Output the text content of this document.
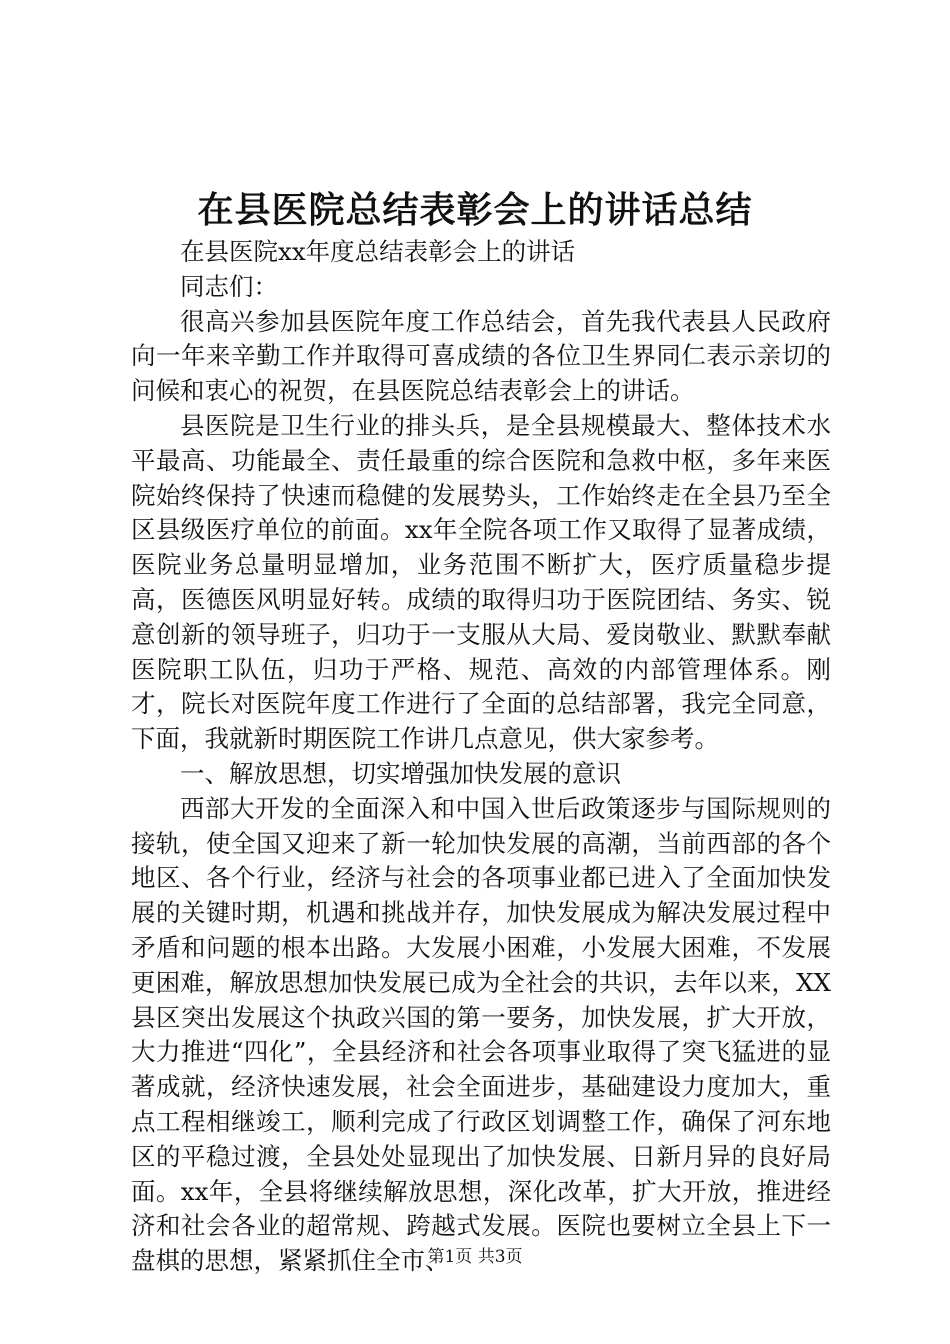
在县医院总结表彰会上的讲话总结

在县医院xx年度总结表彰会上的讲话

同志们：

很高兴参加县医院年度工作总结会，首先我代表县人民政府向一年来辛勤工作并取得可喜成绩的各位卫生界同仁表示亲切的问候和衷心的祝贺，在县医院总结表彰会上的讲话。

县医院是卫生行业的排头兵，是全县规模最大、整体技术水平最高、功能最全、责任最重的综合医院和急救中枢，多年来医院始终保持了快速而稳健的发展势头，工作始终走在全县乃至全区县级医疗单位的前面。xx年全院各项工作又取得了显著成绩，医院业务总量明显增加，业务范围不断扩大，医疗质量稳步提高，医德医风明显好转。成绩的取得归功于医院团结、务实、锐意创新的领导班子，归功于一支服从大局、爱岗敬业、默默奉献医院职工队伍，归功于严格、规范、高效的内部管理体系。刚才，院长对医院年度工作进行了全面的总结部署，我完全同意，下面，我就新时期医院工作讲几点意见，供大家参考。

一、解放思想，切实增强加快发展的意识

西部大开发的全面深入和中国入世后政策逐步与国际规则的接轨，使全国又迎来了新一轮加快发展的高潮，当前西部的各个地区、各个行业，经济与社会的各项事业都已进入了全面加快发展的关键时期，机遇和挑战并存，加快发展成为解决发展过程中矛盾和问题的根本出路。大发展小困难，小发展大困难，不发展更困难，解放思想加快发展已成为全社会的共识，去年以来，XX县区突出发展这个执政兴国的第一要务，加快发展，扩大开放，大力推进“四化”，全县经济和社会各项事业取得了突飞猛进的显著成就，经济快速发展，社会全面进步，基础建设力度加大，重点工程相继竣工，顺利完成了行政区划调整工作，确保了河东地区的平稳过渡，全县处处显现出了加快发展、日新月异的良好局面。xx年，全县将继续解放思想，深化改革，扩大开放，推进经济和社会各业的超常规、跨越式发展。医院也要树立全县上下一盘棋的思想，紧紧抓住全市、

第1页 共3页
